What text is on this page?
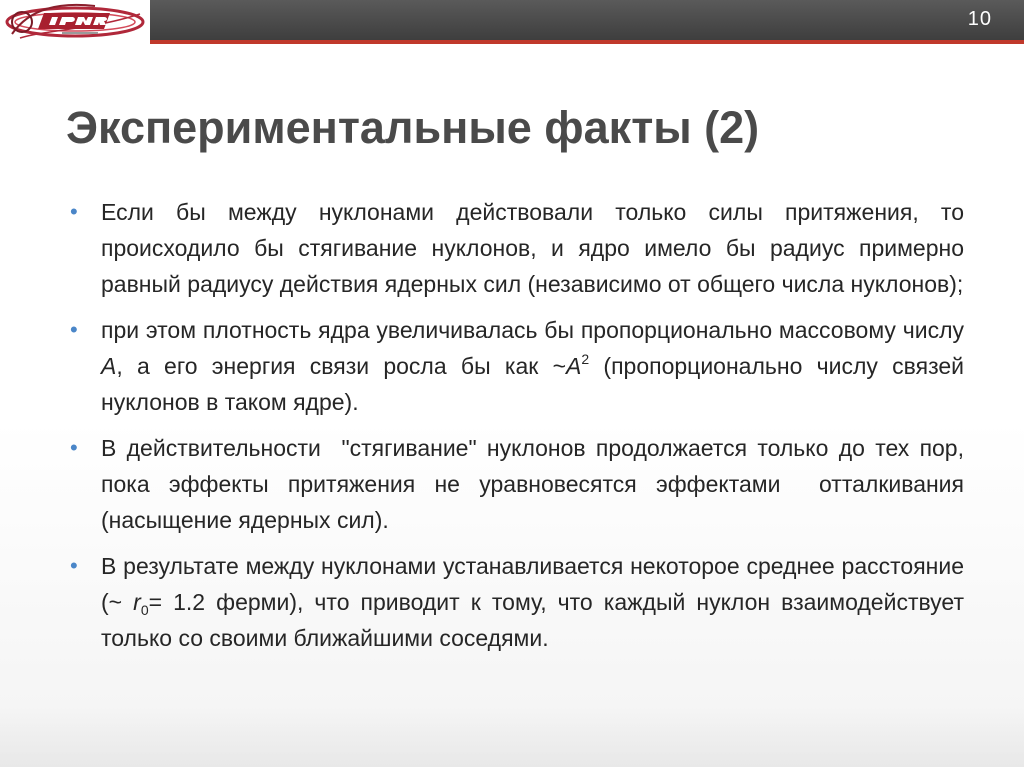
10
Экспериментальные факты (2)
• Если бы между нуклонами действовали только силы притяжения, то происходило бы стягивание нуклонов, и ядро имело бы радиус примерно равный радиусу действия ядерных сил (независимо от общего числа нуклонов);
• при этом плотность ядра увеличивалась бы пропорционально массовому числу A, а его энергия связи росла бы как $\sim A^2$ (пропорционально числу связей нуклонов в таком ядре).
• В действительности  "стягивание" нуклонов продолжается только до тех пор, пока эффекты притяжения не уравновесятся эффектами  отталкивания  (насыщение ядерных сил).
• В результате между нуклонами устанавливается некоторое среднее расстояние (~ $r_0= 1.2$ ферми), что приводит к тому, что каждый нуклон взаимодействует только со своими ближайшими соседями.
